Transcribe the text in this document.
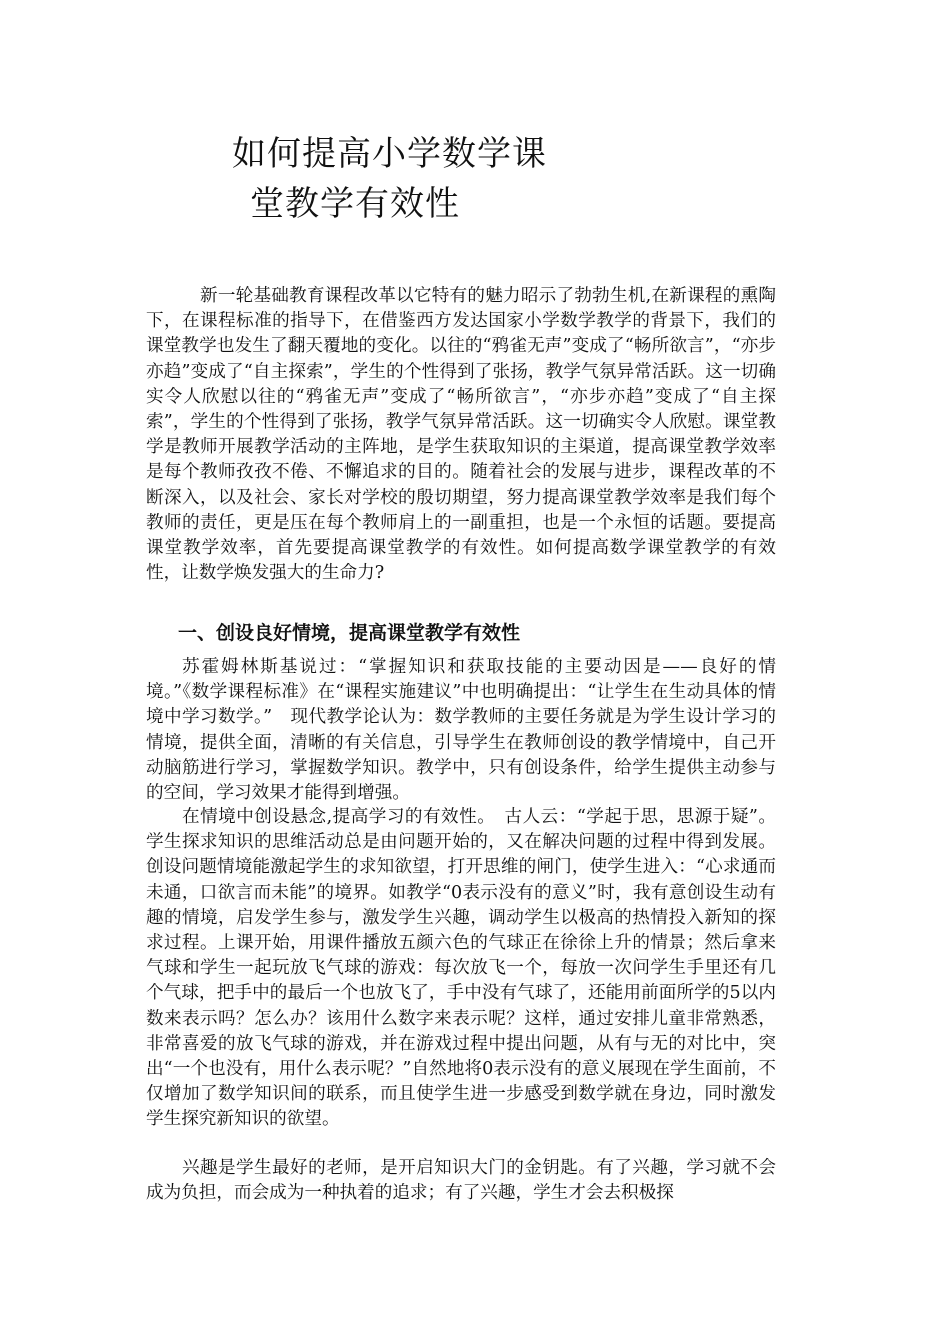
如何提高小学数学课
堂教学有效性

新一轮基础教育课程改革以它特有的魅力昭示了勃勃生机,在新课程的熏陶下，在课程标准的指导下，在借鉴西方发达国家小学数学教学的背景下，我们的课堂教学也发生了翻天覆地的变化。以往的“鸦雀无声”变成了“畅所欲言”，“亦步亦趋”变成了“自主探索”，学生的个性得到了张扬，教学气氛异常活跃。这一切确实令人欣慰以往的“鸦雀无声”变成了“畅所欲言”，“亦步亦趋”变成了“自主探索”，学生的个性得到了张扬，教学气氛异常活跃。这一切确实令人欣慰。课堂教学是教师开展教学活动的主阵地，是学生获取知识的主渠道，提高课堂教学效率是每个教师孜孜不倦、不懈追求的目的。随着社会的发展与进步，课程改革的不断深入，以及社会、家长对学校的殷切期望，努力提高课堂教学效率是我们每个教师的责任，更是压在每个教师肩上的一副重担，也是一个永恒的话题。要提高课堂教学效率，首先要提高课堂教学的有效性。如何提高数学课堂教学的有效性，让数学焕发强大的生命力?

一、创设良好情境，提高课堂教学有效性

苏霍姆林斯基说过：“掌握知识和获取技能的主要动因是——良好的情境。”《数学课程标准》在“课程实施建议”中也明确提出：“让学生在生动具体的情境中学习数学。”　现代教学论认为：数学教师的主要任务就是为学生设计学习的情境，提供全面，清晰的有关信息，引导学生在教师创设的教学情境中，自己开动脑筋进行学习，掌握数学知识。教学中，只有创设条件，给学生提供主动参与的空间，学习效果才能得到增强。

在情境中创设悬念,提高学习的有效性。　古人云：“学起于思，思源于疑”。学生探求知识的思维活动总是由问题开始的，又在解决问题的过程中得到发展。创设问题情境能激起学生的求知欲望，打开思维的闸门，使学生进入：“心求通而未通，口欲言而未能”的境界。如教学“0表示没有的意义”时，我有意创设生动有趣的情境，启发学生参与，激发学生兴趣，调动学生以极高的热情投入新知的探求过程。上课开始，用课件播放五颜六色的气球正在徐徐上升的情景；然后拿来气球和学生一起玩放飞气球的游戏：每次放飞一个，每放一次问学生手里还有几个气球，把手中的最后一个也放飞了，手中没有气球了，还能用前面所学的5以内数来表示吗？怎么办？该用什么数字来表示呢？这样，通过安排儿童非常熟悉，非常喜爱的放飞气球的游戏，并在游戏过程中提出问题，从有与无的对比中，突出“一个也没有，用什么表示呢？”自然地将0表示没有的意义展现在学生面前，不仅增加了数学知识间的联系，而且使学生进一步感受到数学就在身边，同时激发学生探究新知识的欲望。

兴趣是学生最好的老师，是开启知识大门的金钥匙。有了兴趣，学习就不会成为负担，而会成为一种执着的追求；有了兴趣，学生才会去积极探
